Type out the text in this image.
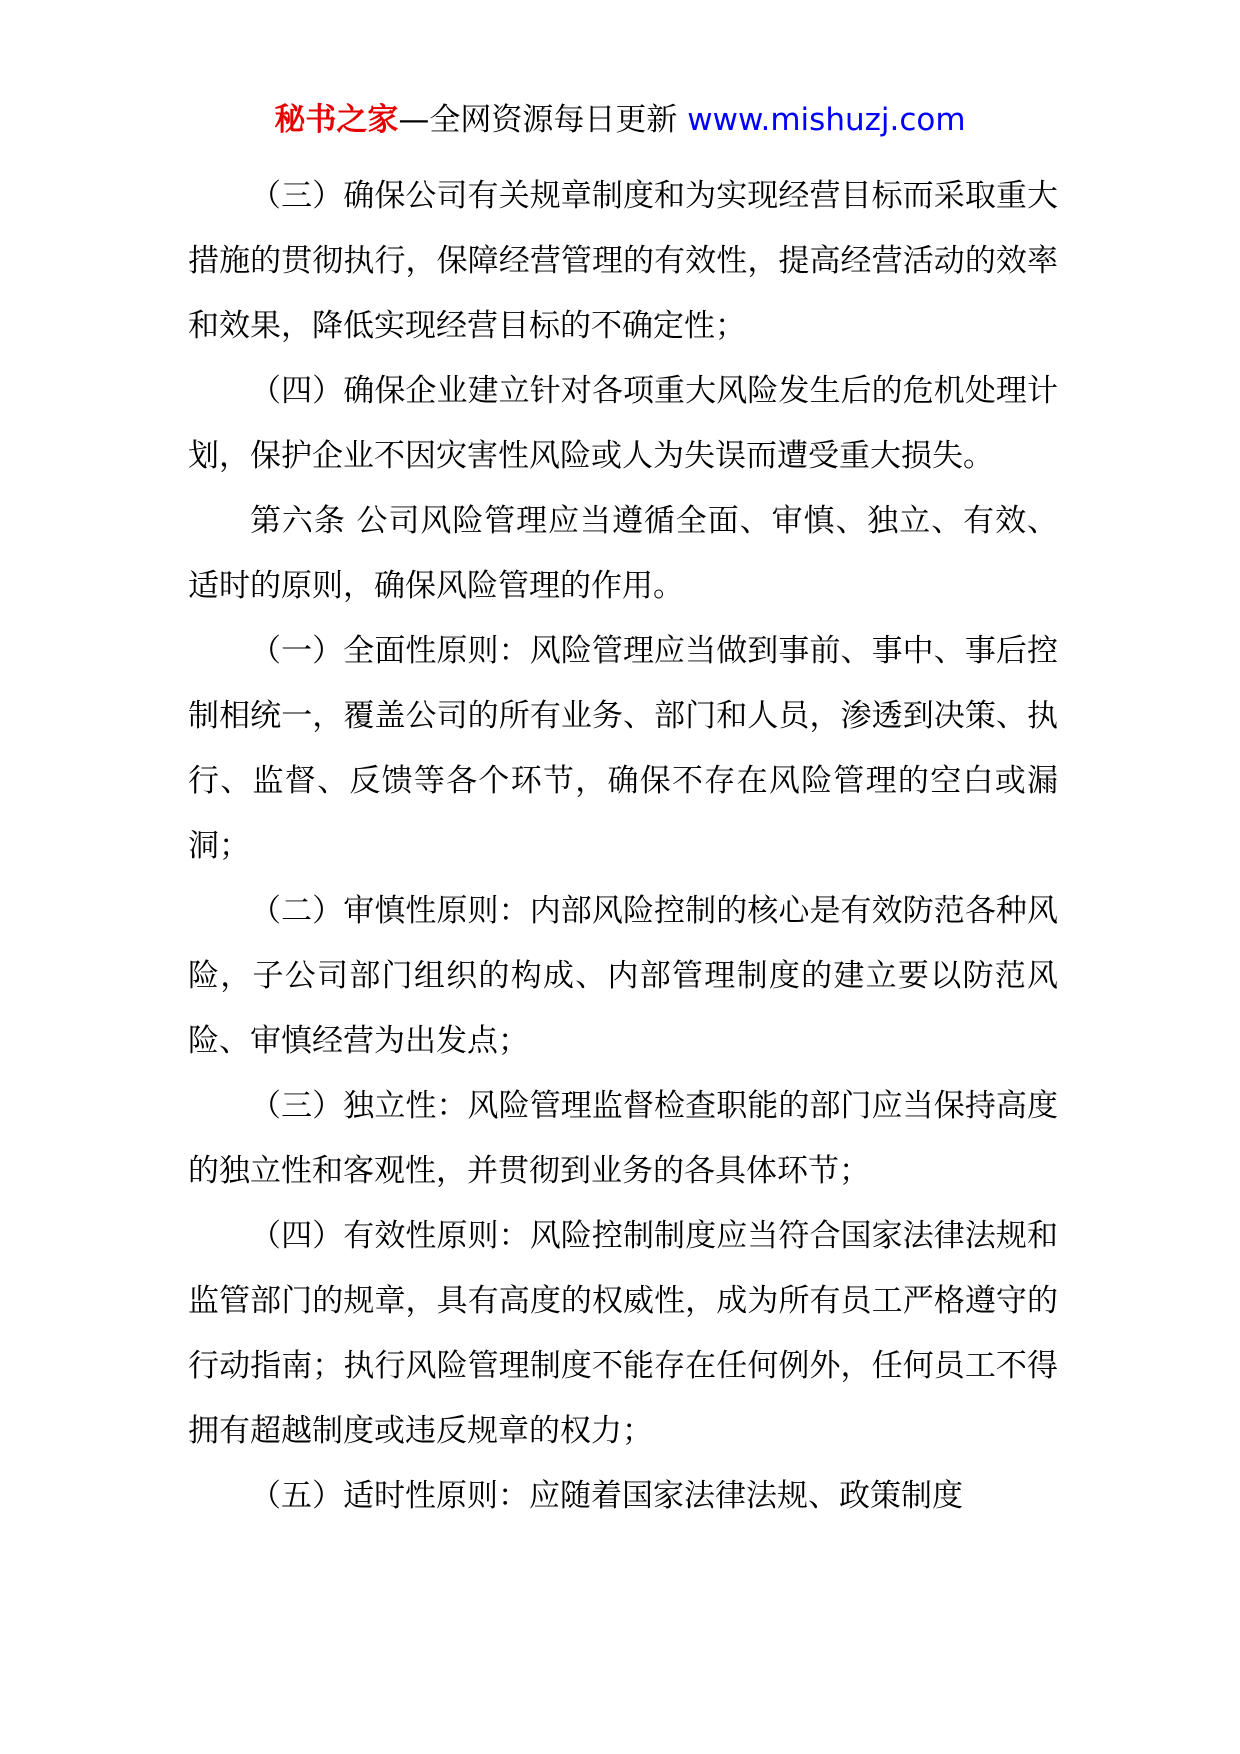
秘书之家—全网资源每日更新 www.mishuzj.com

（三）确保公司有关规章制度和为实现经营目标而采取重大措施的贯彻执行，保障经营管理的有效性，提高经营活动的效率和效果，降低实现经营目标的不确定性；

（四）确保企业建立针对各项重大风险发生后的危机处理计划，保护企业不因灾害性风险或人为失误而遭受重大损失。

第六条 公司风险管理应当遵循全面、审慎、独立、有效、适时的原则，确保风险管理的作用。

（一）全面性原则：风险管理应当做到事前、事中、事后控制相统一，覆盖公司的所有业务、部门和人员，渗透到决策、执行、监督、反馈等各个环节，确保不存在风险管理的空白或漏洞；

（二）审慎性原则：内部风险控制的核心是有效防范各种风险，子公司部门组织的构成、内部管理制度的建立要以防范风险、审慎经营为出发点；

（三）独立性：风险管理监督检查职能的部门应当保持高度的独立性和客观性，并贯彻到业务的各具体环节；

（四）有效性原则：风险控制制度应当符合国家法律法规和监管部门的规章，具有高度的权威性，成为所有员工严格遵守的行动指南；执行风险管理制度不能存在任何例外，任何员工不得拥有超越制度或违反规章的权力；

（五）适时性原则：应随着国家法律法规、政策制度
